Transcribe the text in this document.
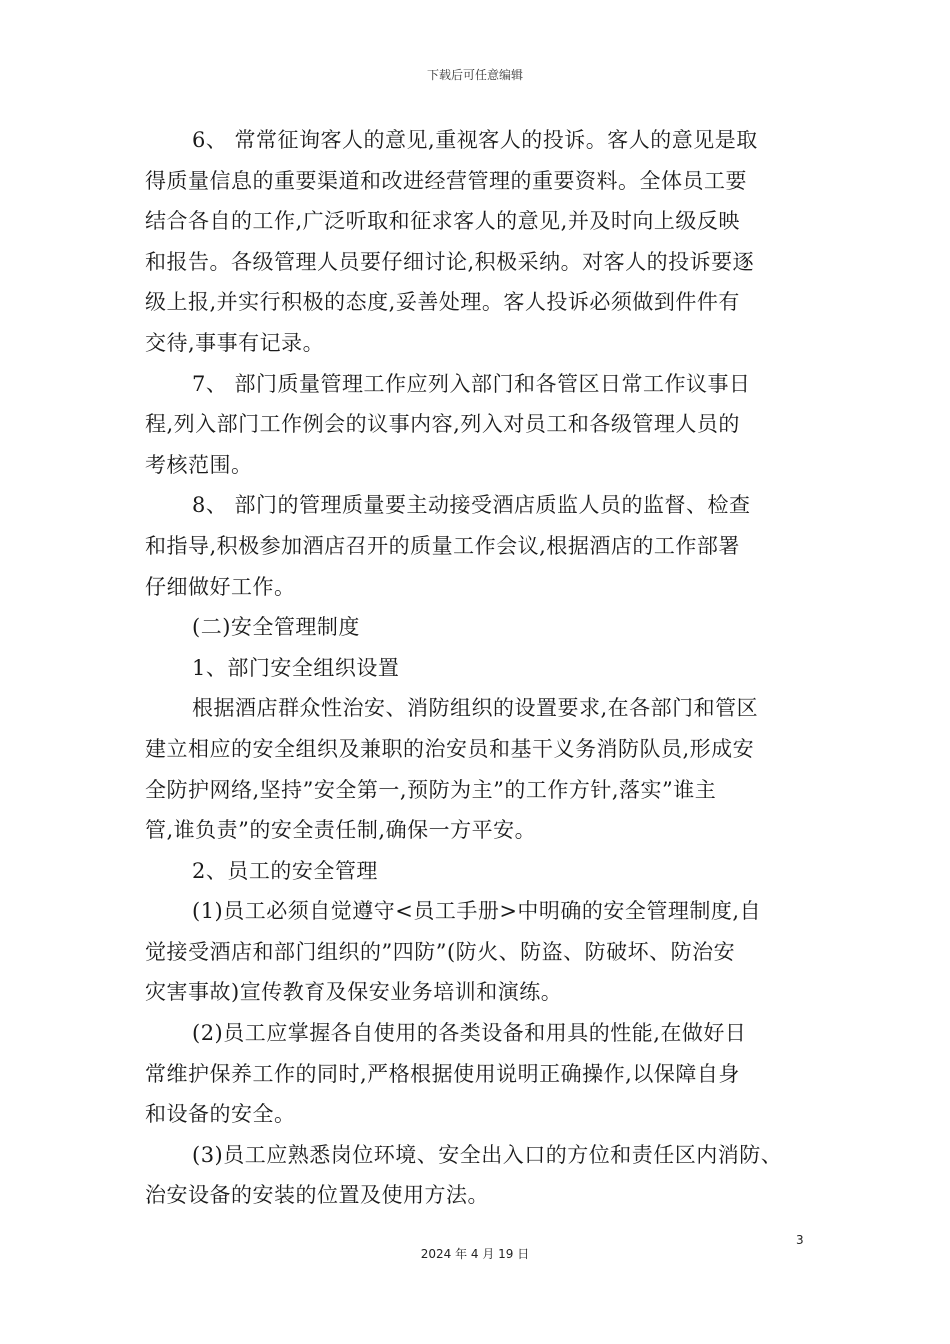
下载后可任意编辑
6、 常常征询客人的意见,重视客人的投诉。客人的意见是取
得质量信息的重要渠道和改进经营管理的重要资料。全体员工要
结合各自的工作,广泛听取和征求客人的意见,并及时向上级反映
和报告。各级管理人员要仔细讨论,积极采纳。对客人的投诉要逐
级上报,并实行积极的态度,妥善处理。客人投诉必须做到件件有
交待,事事有记录。
7、 部门质量管理工作应列入部门和各管区日常工作议事日
程,列入部门工作例会的议事内容,列入对员工和各级管理人员的
考核范围。
8、 部门的管理质量要主动接受酒店质监人员的监督、检查
和指导,积极参加酒店召开的质量工作会议,根据酒店的工作部署
仔细做好工作。
(二)安全管理制度
1、部门安全组织设置
根据酒店群众性治安、消防组织的设置要求,在各部门和管区
建立相应的安全组织及兼职的治安员和基干义务消防队员,形成安
全防护网络,坚持”安全第一,预防为主”的工作方针,落实”谁主
管,谁负责”的安全责任制,确保一方平安。
2、员工的安全管理
(1)员工必须自觉遵守<员工手册>中明确的安全管理制度,自
觉接受酒店和部门组织的”四防”(防火、防盗、防破坏、防治安
灾害事故)宣传教育及保安业务培训和演练。
(2)员工应掌握各自使用的各类设备和用具的性能,在做好日
常维护保养工作的同时,严格根据使用说明正确操作,以保障自身
和设备的安全。
(3)员工应熟悉岗位环境、安全出入口的方位和责任区内消防、
治安设备的安装的位置及使用方法。
3
2024 年 4 月 19 日
